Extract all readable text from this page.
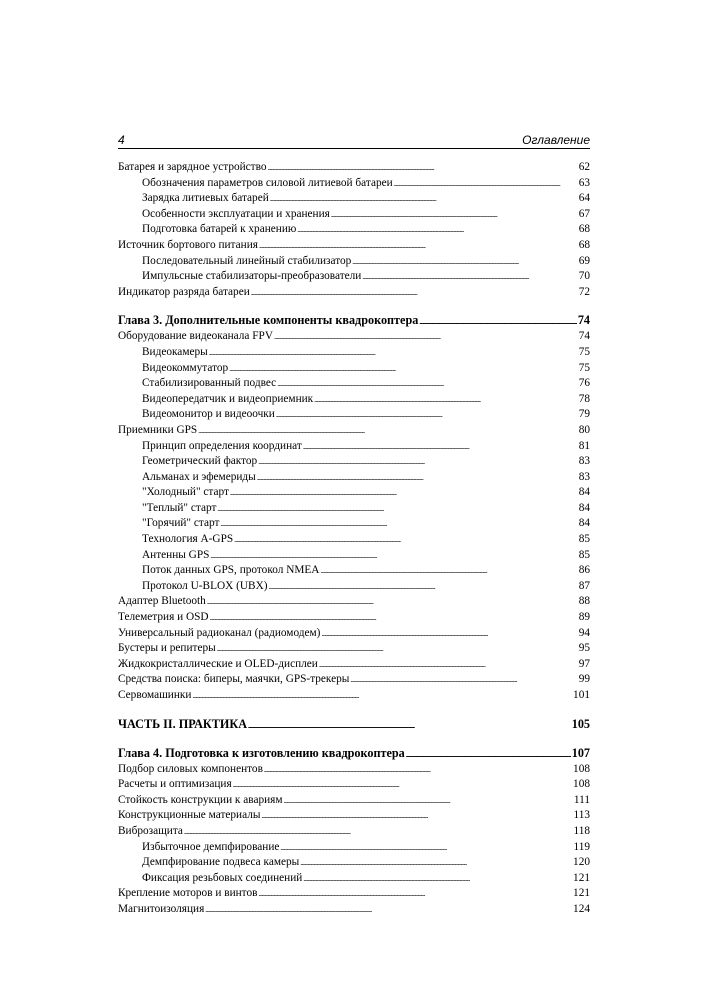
4	Оглавление
Батарея и зарядное устройство . . .	62
Обозначения параметров силовой литиевой батареи . . .	63
Зарядка литиевых батарей . . .	64
Особенности эксплуатации и хранения . . .	67
Подготовка батарей к хранению . . .	68
Источник бортового питания . . .	68
Последовательный линейный стабилизатор . . .	69
Импульсные стабилизаторы-преобразователи . . .	70
Индикатор разряда батареи . . .	72
Глава 3. Дополнительные компоненты квадрокоптера . . .	74
Оборудование видеоканала FPV . . .	74
Видеокамеры . . .	75
Видеокоммутатор . . .	75
Стабилизированный подвес . . .	76
Видеопередатчик и видеоприемник . . .	78
Видеомонитор и видеоочки . . .	79
Приемники GPS . . .	80
Принцип определения координат . . .	81
Геометрический фактор . . .	83
Альманах и эфемериды . . .	83
"Холодный" старт . . .	84
"Теплый" старт . . .	84
"Горячий" старт . . .	84
Технология A-GPS . . .	85
Антенны GPS . . .	85
Поток данных GPS, протокол NMEA . . .	86
Протокол U-BLOX (UBX) . . .	87
Адаптер Bluetooth . . .	88
Телеметрия и OSD . . .	89
Универсальный радиоканал (радиомодем) . . .	94
Бустеры и репитеры . . .	95
Жидкокристаллические и OLED-дисплеи . . .	97
Средства поиска: биперы, маячки, GPS-трекеры . . .	99
Сервомашинки . . .	101
ЧАСТЬ II. ПРАКТИКА . . .	105
Глава 4. Подготовка к изготовлению квадрокоптера . . .	107
Подбор силовых компонентов . . .	108
Расчеты и оптимизация . . .	108
Стойкость конструкции к авариям . . .	111
Конструкционные материалы . . .	113
Виброзащита . . .	118
Избыточное демпфирование . . .	119
Демпфирование подвеса камеры . . .	120
Фиксация резьбовых соединений . . .	121
Крепление моторов и винтов . . .	121
Магнитоизоляция . . .	124
